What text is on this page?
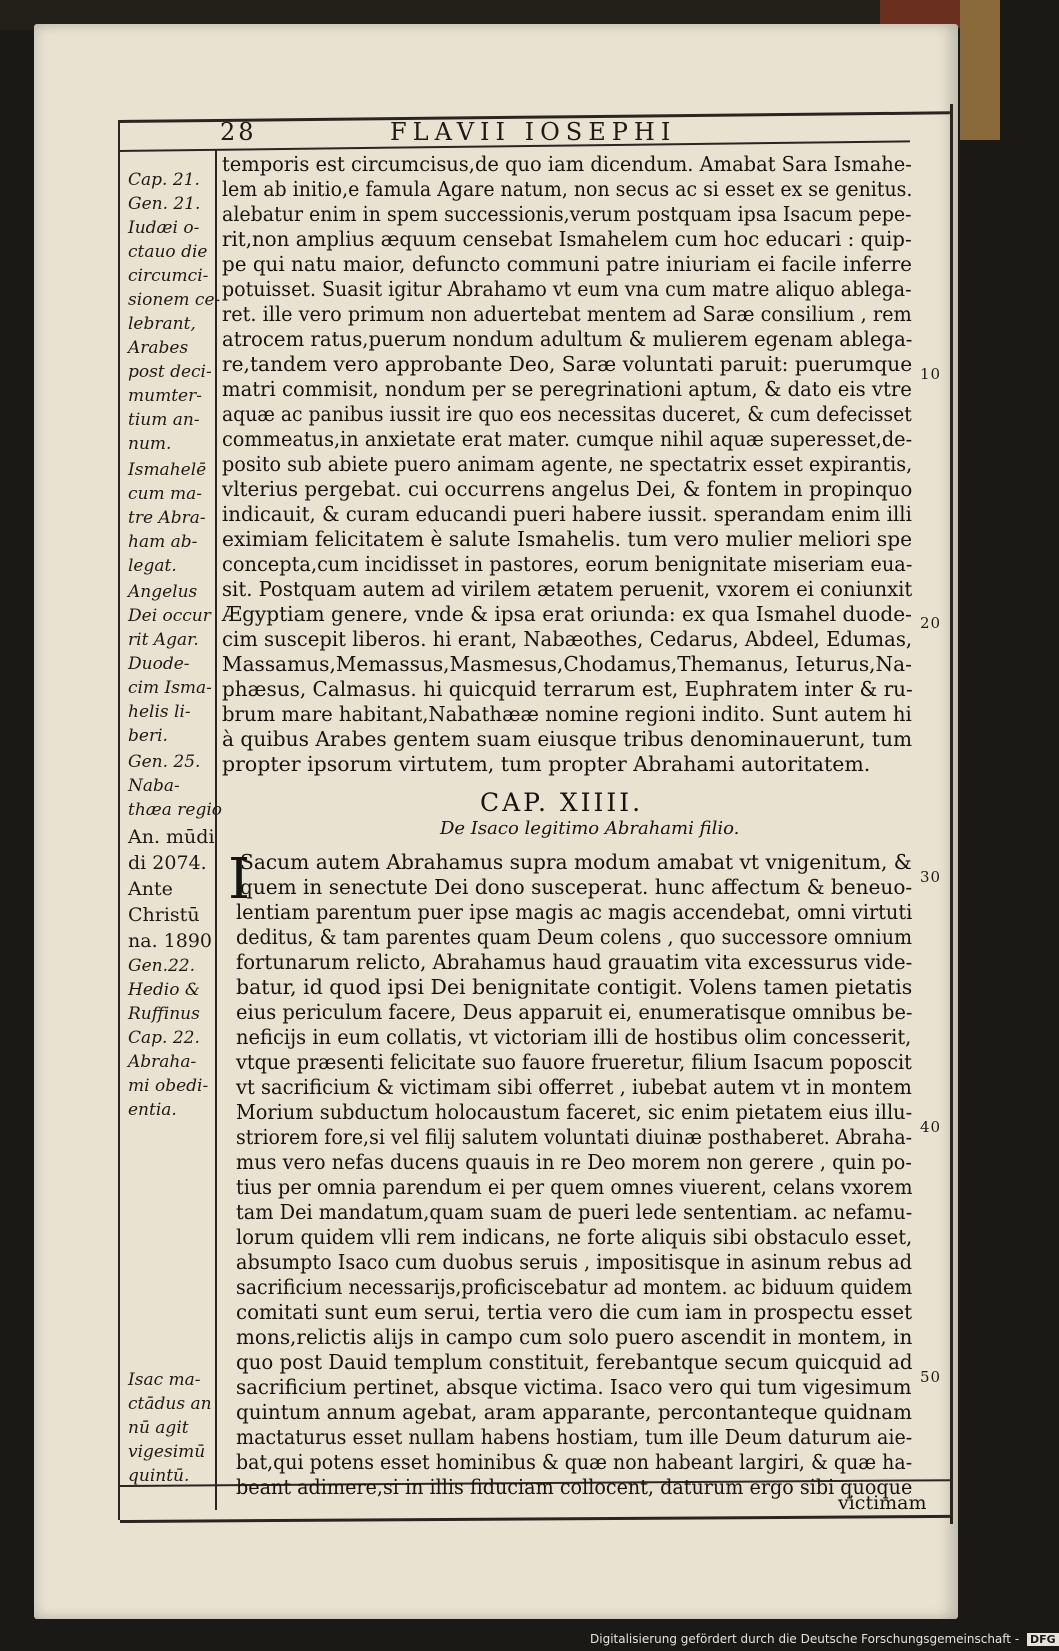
28	FLAVII IOSEPHI
Cap. 21.
Gen. 21.
Iudæi o-
ctauo die
circumci-
sionem ce-
lebrant,
Arabes
post deci-
mumter-
tium an-
num.
Ismahelē
cum ma-
tre Abra-
ham ab-
legat.
Angelus
Dei occur
rit Agar.
Duode-
cim Isma-
helis li-
beri.
Gen. 25.
Naba-
thæa regio
An. mūdi
di 2074.
Ante
Christū
na. 1890
Gen.22.
Hedio &
Ruffinus
Cap. 22.
Abraha-
mi obedi-
entia.
Isac ma-
ctādus an
nū agit
vigesimū
quintū.
temporis est circumcisus,de quo iam dicendum. Amabat Sara Ismahe-
lem ab initio,e famula Agare natum, non secus ac si esset ex se genitus.
alebatur enim in spem successionis,verum postquam ipsa Isacum pepe-
rit,non amplius æquum censebat Ismahelem cum hoc educari : quip-
pe qui natu maior, defuncto communi patre iniuriam ei facile inferre
potuisset. Suasit igitur Abrahamo vt eum vna cum matre aliquo ablega-
ret. ille vero primum non aduertebat mentem ad Saræ consilium , rem
atrocem ratus,puerum nondum adultum & mulierem egenam ablega-
re,tandem vero approbante Deo, Saræ voluntati paruit: puerumque
matri commisit, nondum per se peregrinationi aptum, & dato eis vtre
aquæ ac panibus iussit ire quo eos necessitas duceret, & cum defecisset
commeatus,in anxietate erat mater. cumque nihil aquæ superesset,de-
posito sub abiete puero animam agente, ne spectatrix esset expirantis,
vlterius pergebat. cui occurrens angelus Dei, & fontem in propinquo
indicauit, & curam educandi pueri habere iussit. sperandam enim illi
eximiam felicitatem è salute Ismahelis. tum vero mulier meliori spe
concepta,cum incidisset in pastores, eorum benignitate miseriam eua-
sit. Postquam autem ad virilem ætatem peruenit, vxorem ei coniunxit
Ægyptiam genere, vnde & ipsa erat oriunda: ex qua Ismahel duode-
cim suscepit liberos. hi erant, Nabæothes, Cedarus, Abdeel, Edumas,
Massamus,Memassus,Masmesus,Chodamus,Themanus, Ieturus,Na-
phæsus, Calmasus. hi quicquid terrarum est, Euphratem inter & ru-
brum mare habitant,Nabathææ nomine regioni indito. Sunt autem hi
à quibus Arabes gentem suam eiusque tribus denominauerunt, tum
propter ipsorum virtutem, tum propter Abrahami autoritatem.
Sacum autem Abrahamus supra modum amabat vt vnigenitum, &
quem in senectute Dei dono susceperat. hunc affectum & beneuo-
lentiam parentum puer ipse magis ac magis accendebat, omni virtuti
deditus, & tam parentes quam Deum colens , quo successore omnium
fortunarum relicto, Abrahamus haud grauatim vita excessurus vide-
batur, id quod ipsi Dei benignitate contigit. Volens tamen pietatis
eius periculum facere, Deus apparuit ei, enumeratisque omnibus be-
neficijs in eum collatis, vt victoriam illi de hostibus olim concesserit,
vtque præsenti felicitate suo fauore frueretur, filium Isacum poposcit
vt sacrificium & victimam sibi offerret , iubebat autem vt in montem
Morium subductum holocaustum faceret, sic enim pietatem eius illu-
striorem fore,si vel filij salutem voluntati diuinæ posthaberet. Abraha-
mus vero nefas ducens quauis in re Deo morem non gerere , quin po-
tius per omnia parendum ei per quem omnes viuerent, celans vxorem
tam Dei mandatum,quam suam de pueri lede sententiam. ac nefamu-
lorum quidem vlli rem indicans, ne forte aliquis sibi obstaculo esset,
absumpto Isaco cum duobus seruis , impositisque in asinum rebus ad
sacrificium necessarijs,proficiscebatur ad montem. ac biduum quidem
comitati sunt eum serui, tertia vero die cum iam in prospectu esset
mons,relictis alijs in campo cum solo puero ascendit in montem, in
quo post Dauid templum constituit, ferebantque secum quicquid ad
sacrificium pertinet, absque victima. Isaco vero qui tum vigesimum
quintum annum agebat, aram apparante, percontanteque quidnam
mactaturus esset nullam habens hostiam, tum ille Deum daturum aie-
bat,qui potens esset hominibus & quæ non habeant largiri, & quæ ha-
beant adimere,si in illis fiduciam collocent, daturum ergo sibi quoque
CAP. XIIII.
De Isaco legitimo Abrahami filio.
I
10
20
30
40
50
victimam
Digitalisierung gefördert durch die Deutsche Forschungsgemeinschaft - DFG
